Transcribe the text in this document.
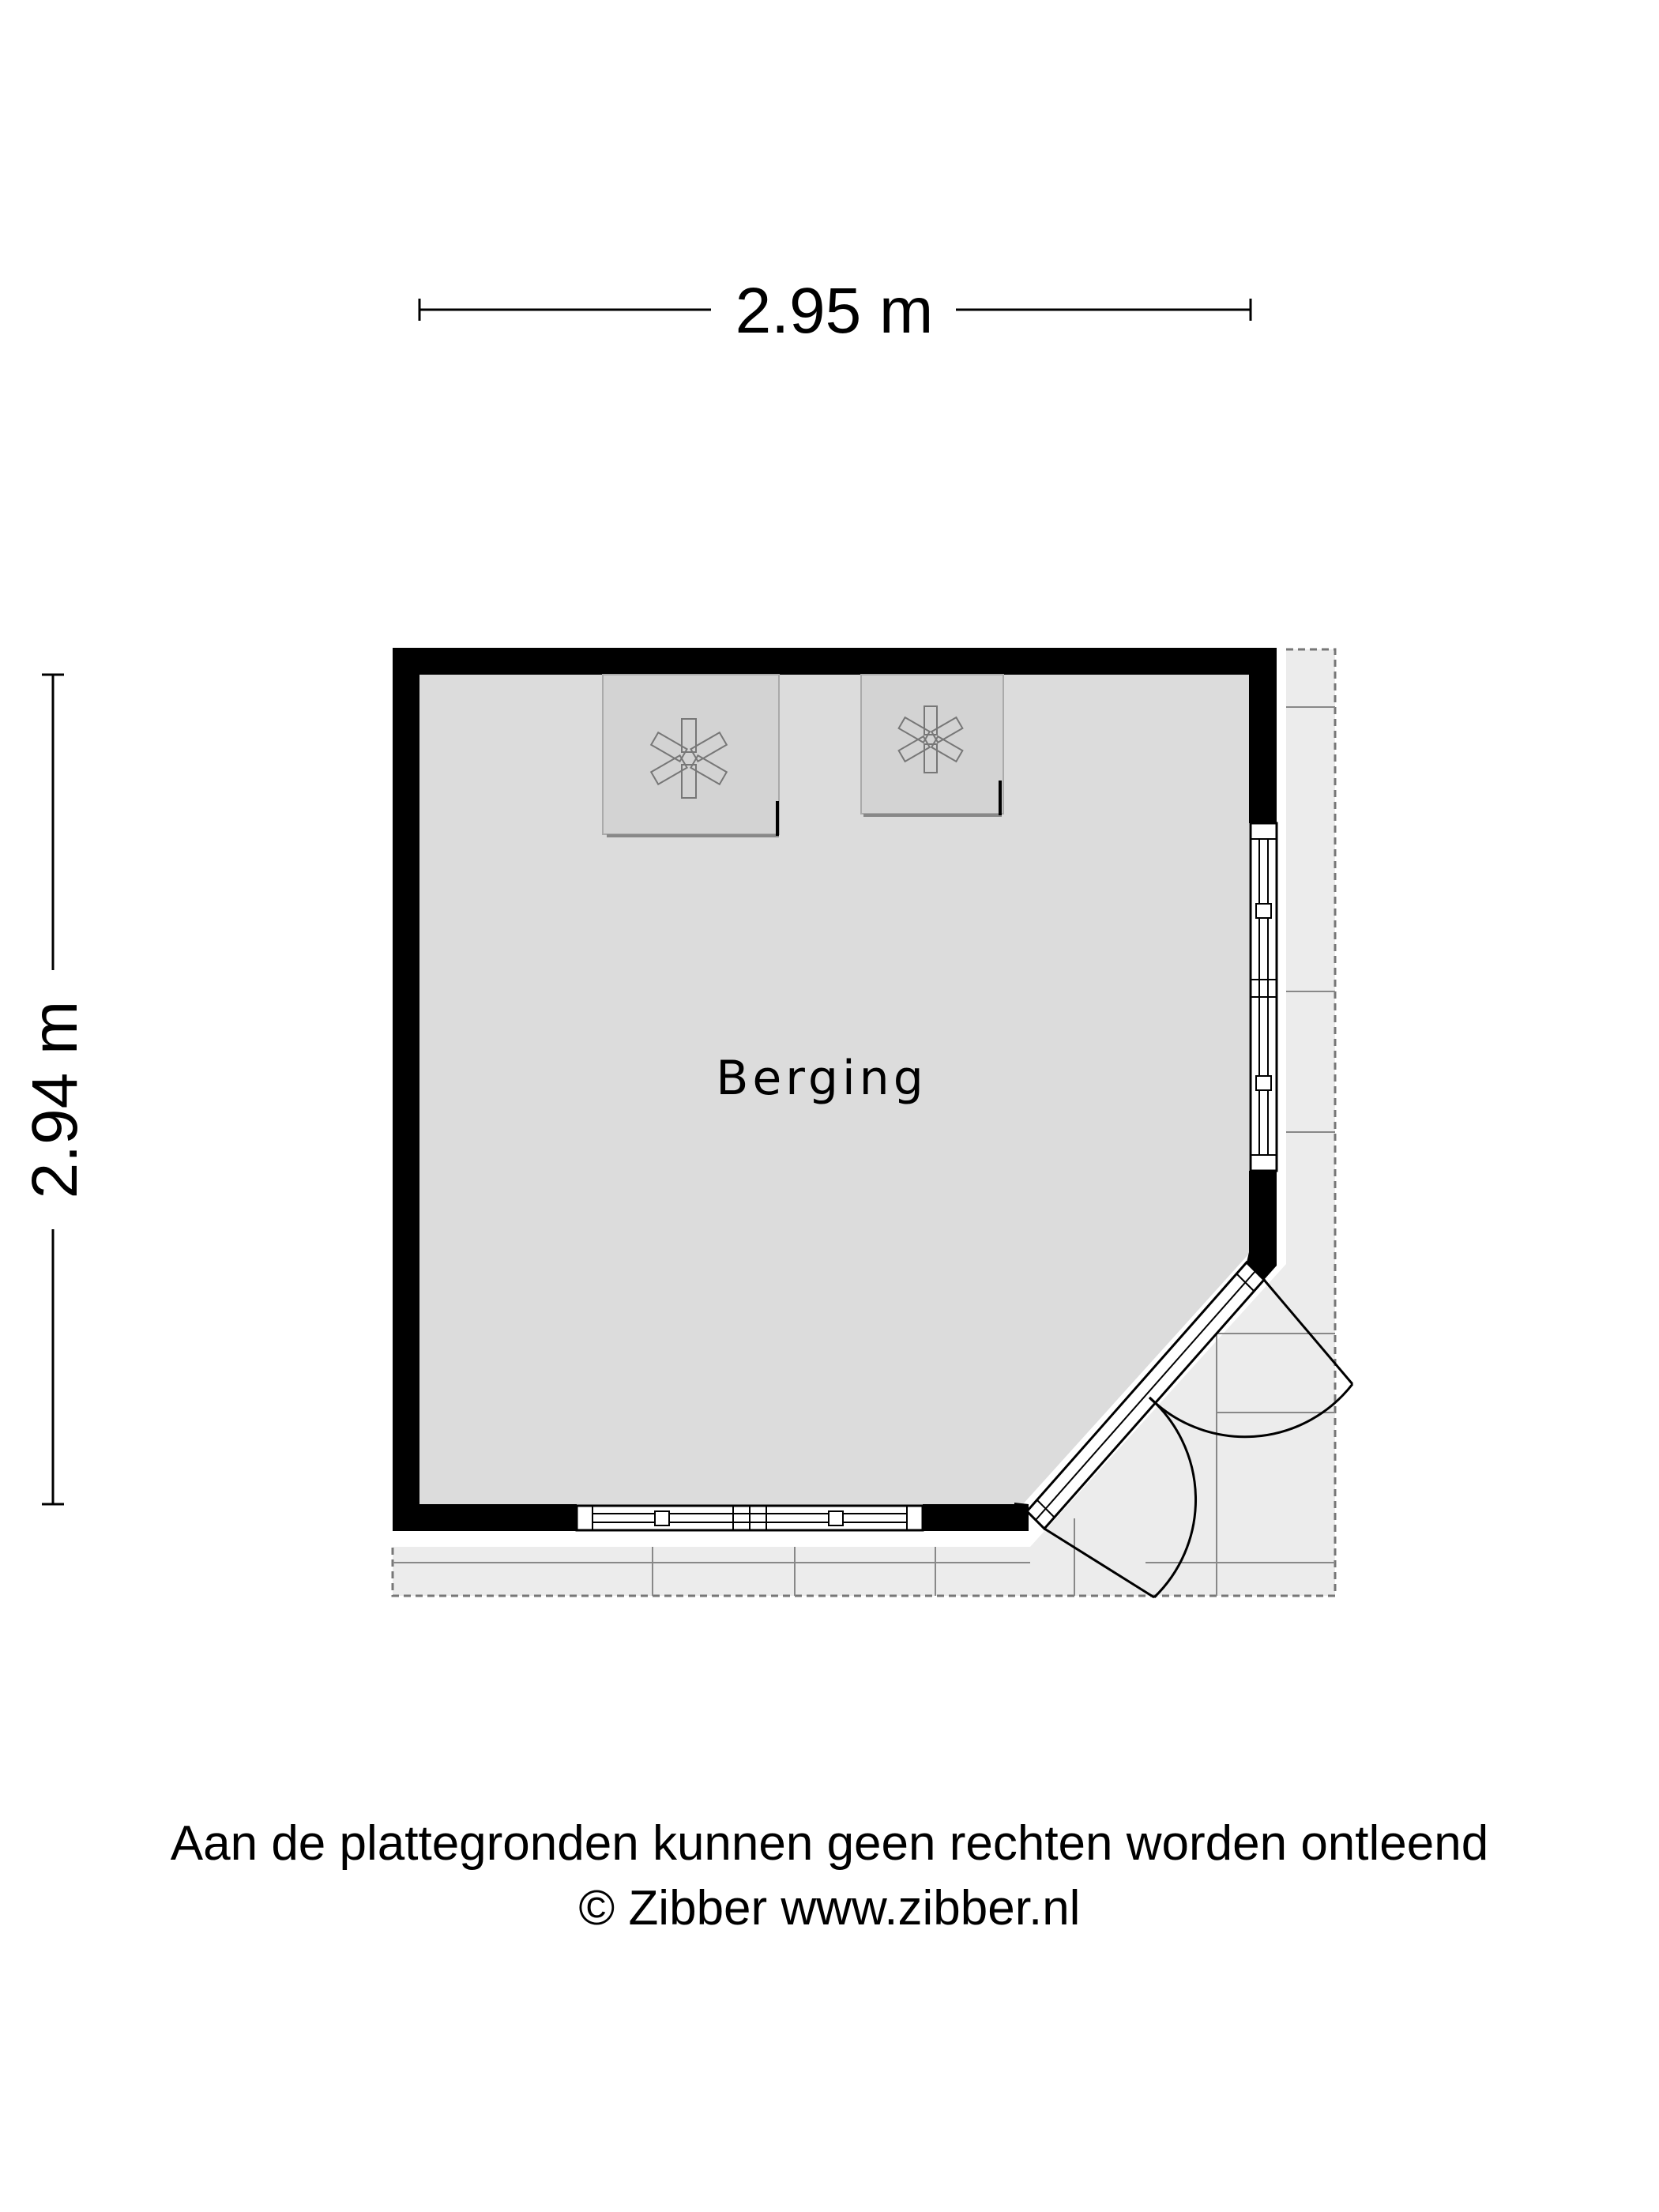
Berging
2.95 m
2.94 m

Aan de plattegronden kunnen geen rechten worden ontleend

© Zibber www.zibber.nl
